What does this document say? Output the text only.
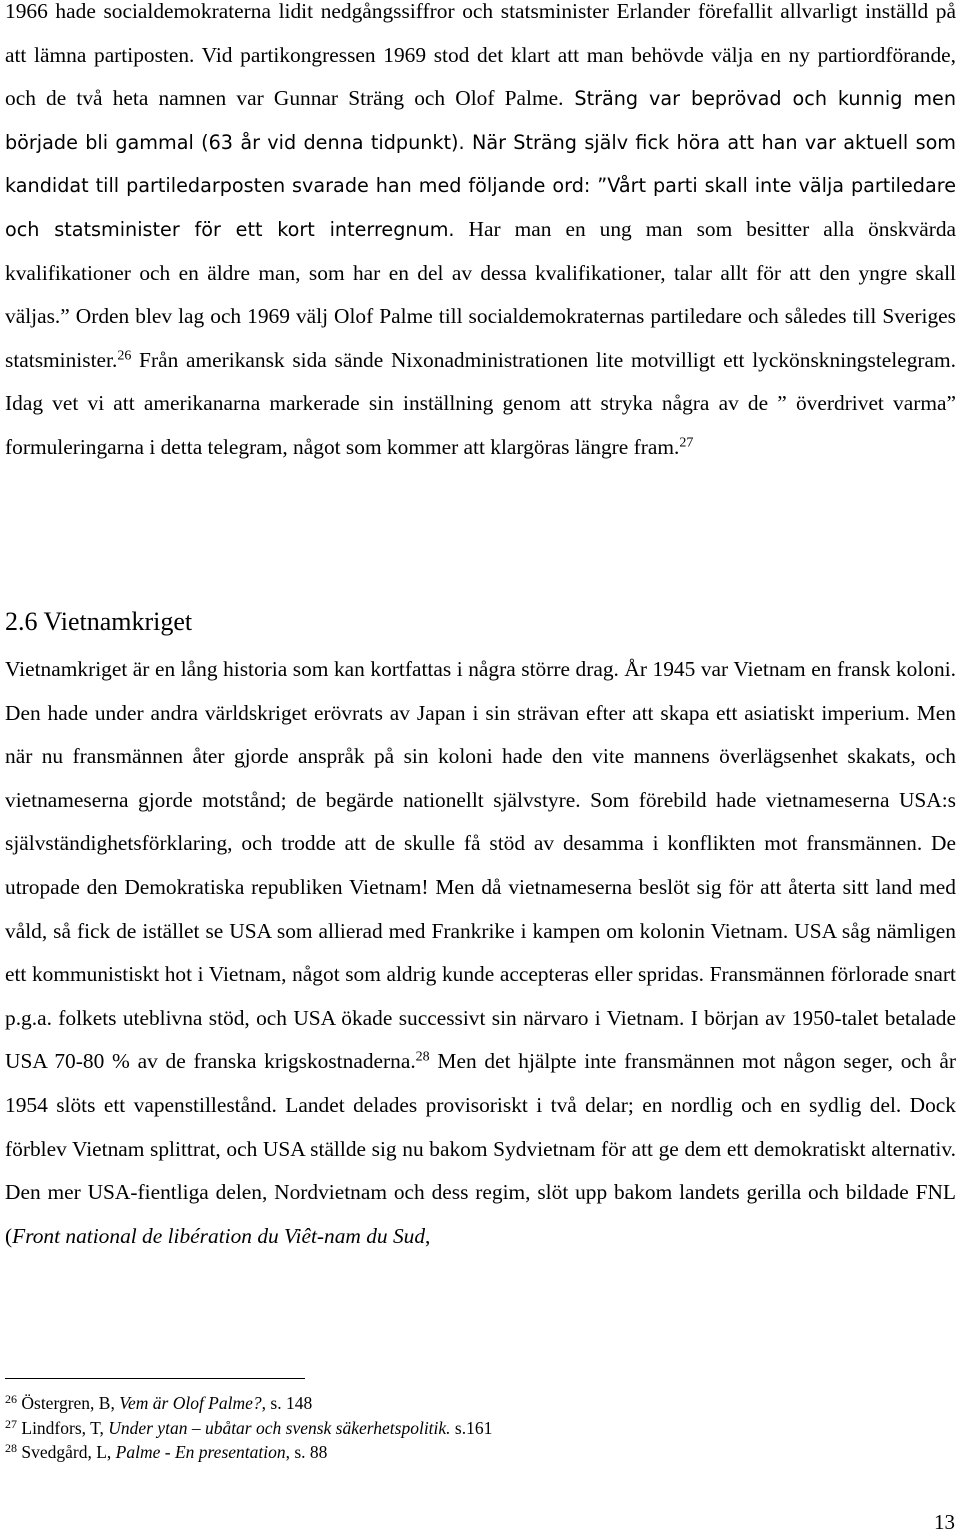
1966 hade socialdemokraterna lidit nedgångssiffror och statsminister Erlander förefallit allvarligt inställd på att lämna partiposten. Vid partikongressen 1969 stod det klart att man behövde välja en ny partiordförande, och de två heta namnen var Gunnar Sträng och Olof Palme. Sträng var beprövad och kunnig men började bli gammal (63 år vid denna tidpunkt). När Sträng själv fick höra att han var aktuell som kandidat till partiledarposten svarade han med följande ord: ”Vårt parti skall inte välja partiledare och statsminister för ett kort interregnum. Har man en ung man som besitter alla önskvärda kvalifikationer och en äldre man, som har en del av dessa kvalifikationer, talar allt för att den yngre skall väljas.” Orden blev lag och 1969 välj Olof Palme till socialdemokraternas partiledare och således till Sveriges statsminister.$^{26}$ Från amerikansk sida sände Nixonadministrationen lite motvilligt ett lyckönskningstelegram. Idag vet vi att amerikanarna markerade sin inställning genom att stryka några av de ” överdrivet varma” formuleringarna i detta telegram, något som kommer att klargöras längre fram.$^{27}$

2.6 Vietnamkriget

Vietnamkriget är en lång historia som kan kortfattas i några större drag. År 1945 var Vietnam en fransk koloni. Den hade under andra världskriget erövrats av Japan i sin strävan efter att skapa ett asiatiskt imperium. Men när nu fransmännen åter gjorde anspråk på sin koloni hade den vite mannens överlägsenhet skakats, och vietnameserna gjorde motstånd; de begärde nationellt självstyre. Som förebild hade vietnameserna USA:s självständighetsförklaring, och trodde att de skulle få stöd av desamma i konflikten mot fransmännen. De utropade den Demokratiska republiken Vietnam! Men då vietnameserna beslöt sig för att återta sitt land med våld, så fick de istället se USA som allierad med Frankrike i kampen om kolonin Vietnam. USA såg nämligen ett kommunistiskt hot i Vietnam, något som aldrig kunde accepteras eller spridas. Fransmännen förlorade snart p.g.a. folkets uteblivna stöd, och USA ökade successivt sin närvaro i Vietnam. I början av 1950-talet betalade USA 70-80 % av de franska krigskostnaderna.$^{28}$ Men det hjälpte inte fransmännen mot någon seger, och år 1954 slöts ett vapenstillestånd. Landet delades provisoriskt i två delar; en nordlig och en sydlig del. Dock förblev Vietnam splittrat, och USA ställde sig nu bakom Sydvietnam för att ge dem ett demokratiskt alternativ. Den mer USA-fientliga delen, Nordvietnam och dess regim, slöt upp bakom landets gerilla och bildade FNL (Front national de libération du Viêt-nam du Sud,

$^{26}$ Östergren, B, Vem är Olof Palme?, s. 148

$^{27}$ Lindfors, T, Under ytan – ubåtar och svensk säkerhetspolitik. s.161

$^{28}$ Svedgård, L, Palme - En presentation, s. 88

13
